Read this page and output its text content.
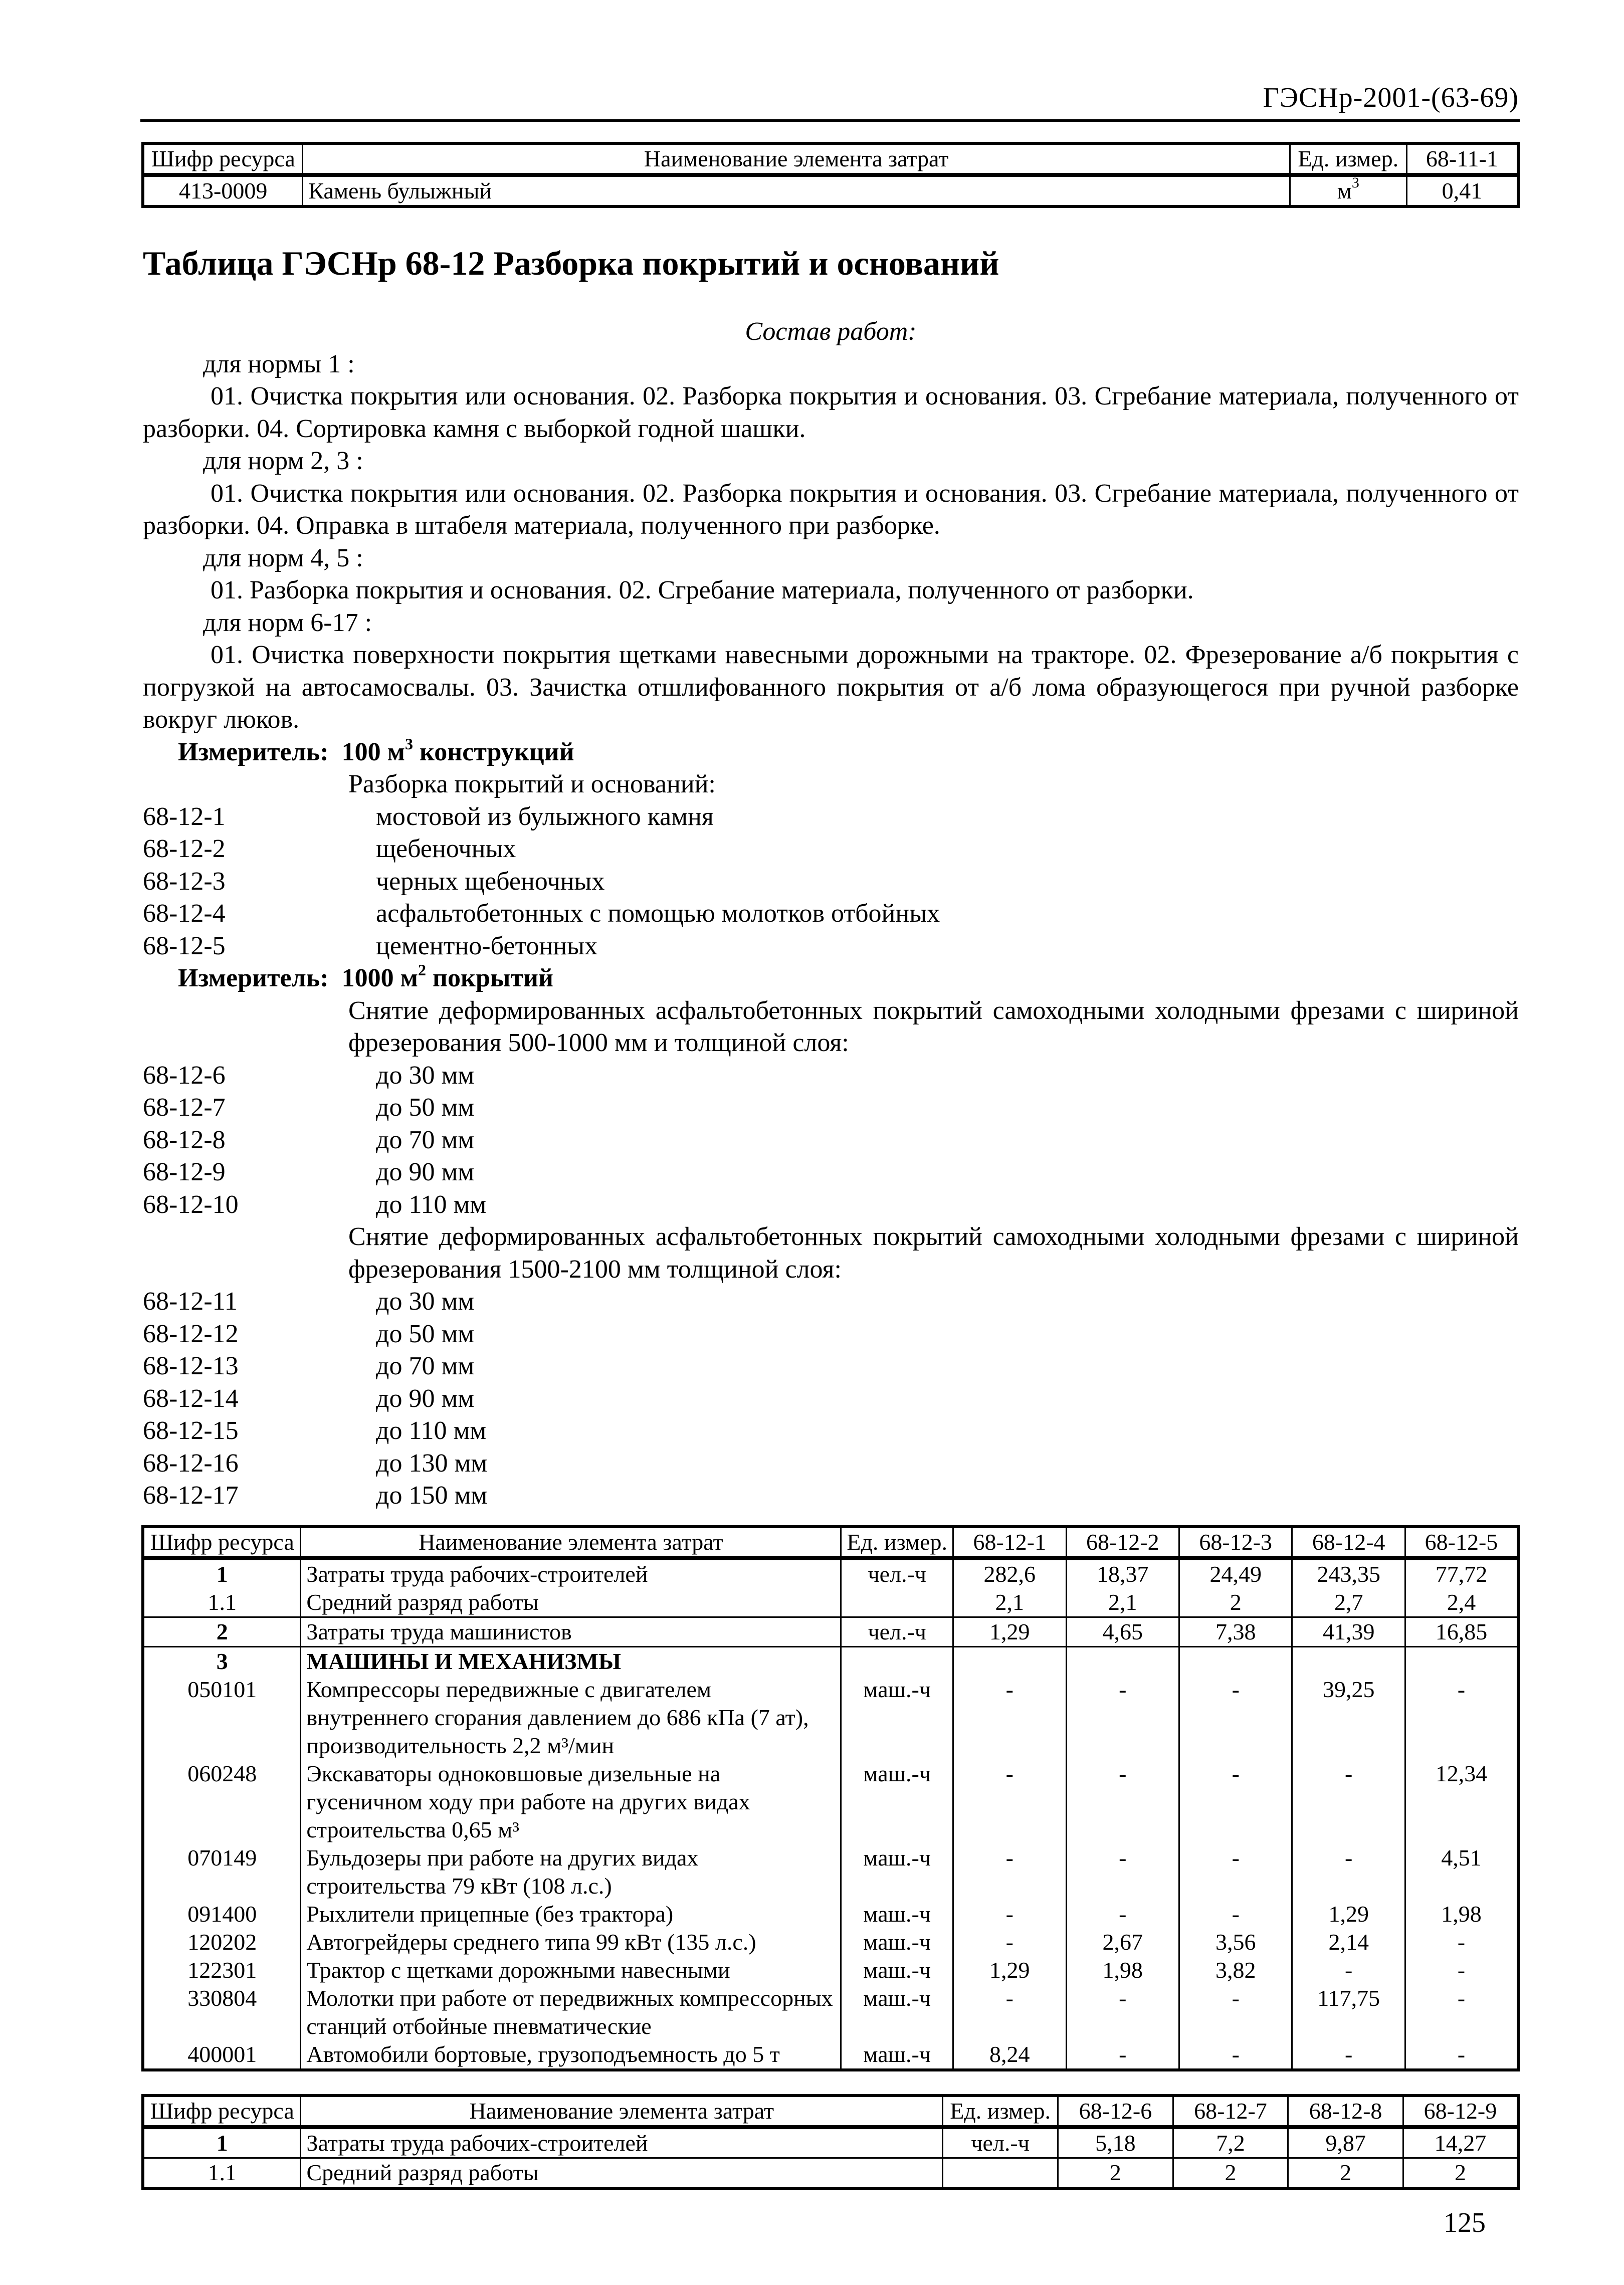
ГЭСНр-2001-(63-69)
Шифр ресурса	Наименование элемента затрат	Ед. измер.	68-11-1
413-0009	Камень булыжный	$м^3$	0,41
Таблица ГЭСНр 68-12 Разборка покрытий и оснований

Состав работ:

для нормы 1 :

01. Очистка покрытия или основания. 02. Разборка покрытия и основания. 03. Сгребание материала, полученного от разборки. 04. Сортировка камня с выборкой годной шашки.

для норм 2, 3 :

01. Очистка покрытия или основания. 02. Разборка покрытия и основания. 03. Сгребание материала, полученного от разборки. 04. Оправка в штабеля материала, полученного при разборке.

для норм 4, 5 :

01. Разборка покрытия и основания. 02. Сгребание материала, полученного от разборки.

для норм 6-17 :

01. Очистка поверхности покрытия щетками навесными дорожными на тракторе. 02. Фрезерование а/б покрытия с погрузкой на автосамосвалы. 03. Зачистка отшлифованного покрытия от а/б лома образующегося при ручной разборке вокруг люков.

Измеритель: 100 $м^3$ конструкций

Разборка покрытий и оснований:

68-12-1	мостовой из булыжного камня
68-12-2	щебеночных
68-12-3	черных щебеночных
68-12-4	асфальтобетонных с помощью молотков отбойных
68-12-5	цементно-бетонных

Измеритель: 1000 $м^2$ покрытий

Снятие деформированных асфальтобетонных покрытий самоходными холодными фрезами с шириной фрезерования 500-1000 мм и толщиной слоя:

68-12-6	до 30 мм
68-12-7	до 50 мм
68-12-8	до 70 мм
68-12-9	до 90 мм
68-12-10	до 110 мм

Снятие деформированных асфальтобетонных покрытий самоходными холодными фрезами с шириной фрезерования 1500-2100 мм толщиной слоя:

68-12-11	до 30 мм
68-12-12	до 50 мм
68-12-13	до 70 мм
68-12-14	до 90 мм
68-12-15	до 110 мм
68-12-16	до 130 мм
68-12-17	до 150 мм
Шифр ресурса	Наименование элемента затрат	Ед. измер.	68-12-1	68-12-2	68-12-3	68-12-4	68-12-5
1	Затраты труда рабочих-строителей	чел.-ч	282,6	18,37	24,49	243,35	77,72
1.1	Средний разряд работы		2,1	2,1	2	2,7	2,4
2	Затраты труда машинистов	чел.-ч	1,29	4,65	7,38	41,39	16,85
3	МАШИНЫ И МЕХАНИЗМЫ						
050101	Компрессоры передвижные с двигателем внутреннего сгорания давлением до 686 кПа (7 ат), производительность 2,2 м³/мин	маш.-ч	-	-	-	39,25	-
060248	Экскаваторы одноковшовые дизельные на гусеничном ходу при работе на других видах строительства 0,65 м³	маш.-ч	-	-	-	-	12,34
070149	Бульдозеры при работе на других видах строительства 79 кВт (108 л.с.)	маш.-ч	-	-	-	-	4,51
091400	Рыхлители прицепные (без трактора)	маш.-ч	-	-	-	1,29	1,98
120202	Автогрейдеры среднего типа 99 кВт (135 л.с.)	маш.-ч	-	2,67	3,56	2,14	-
122301	Трактор с щетками дорожными навесными	маш.-ч	1,29	1,98	3,82	-	-
330804	Молотки при работе от передвижных компрессорных станций отбойные пневматические	маш.-ч	-	-	-	117,75	-
400001	Автомобили бортовые, грузоподъемность до 5 т	маш.-ч	8,24	-	-	-	-
Шифр ресурса	Наименование элемента затрат	Ед. измер.	68-12-6	68-12-7	68-12-8	68-12-9
1	Затраты труда рабочих-строителей	чел.-ч	5,18	7,2	9,87	14,27
1.1	Средний разряд работы		2	2	2	2
125
